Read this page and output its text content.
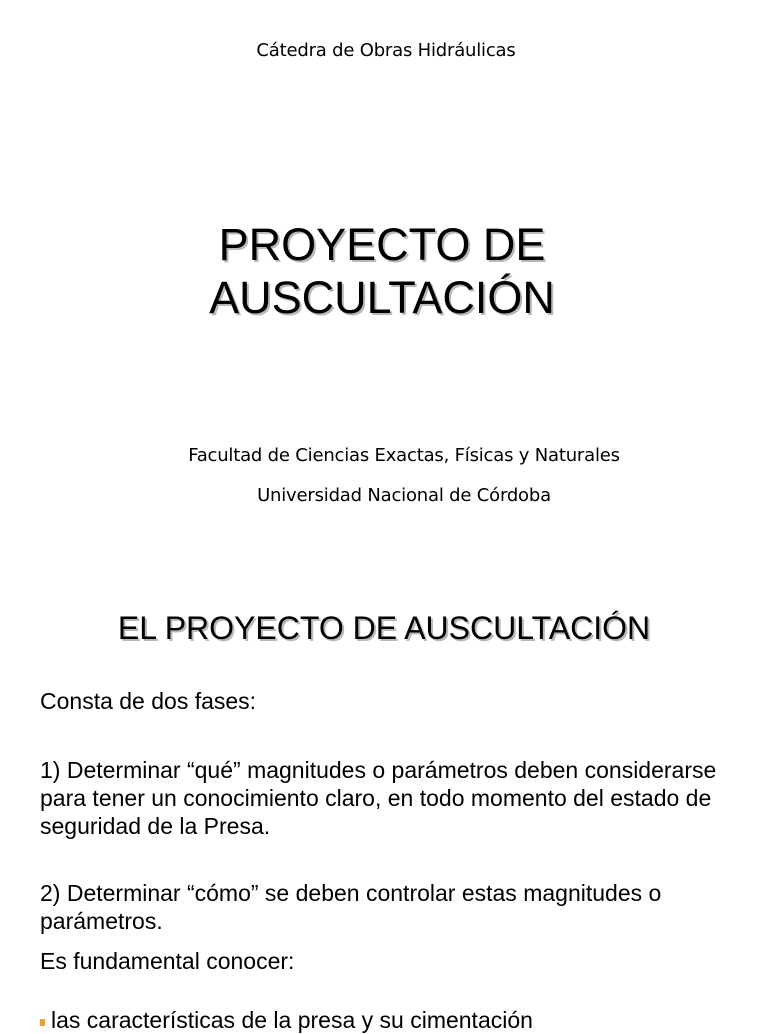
Cátedra de Obras Hidráulicas
PROYECTO DE
AUSCULTACIÓN
Facultad de Ciencias Exactas, Físicas y Naturales
Universidad Nacional de Córdoba
EL PROYECTO DE AUSCULTACIÓN
Consta de dos fases:
1) Determinar “qué” magnitudes o parámetros deben considerarse para tener un conocimiento claro, en todo momento del estado de seguridad de la Presa.
2) Determinar “cómo” se deben controlar estas magnitudes o parámetros.
Es fundamental conocer:
las características de la presa y su cimentación
